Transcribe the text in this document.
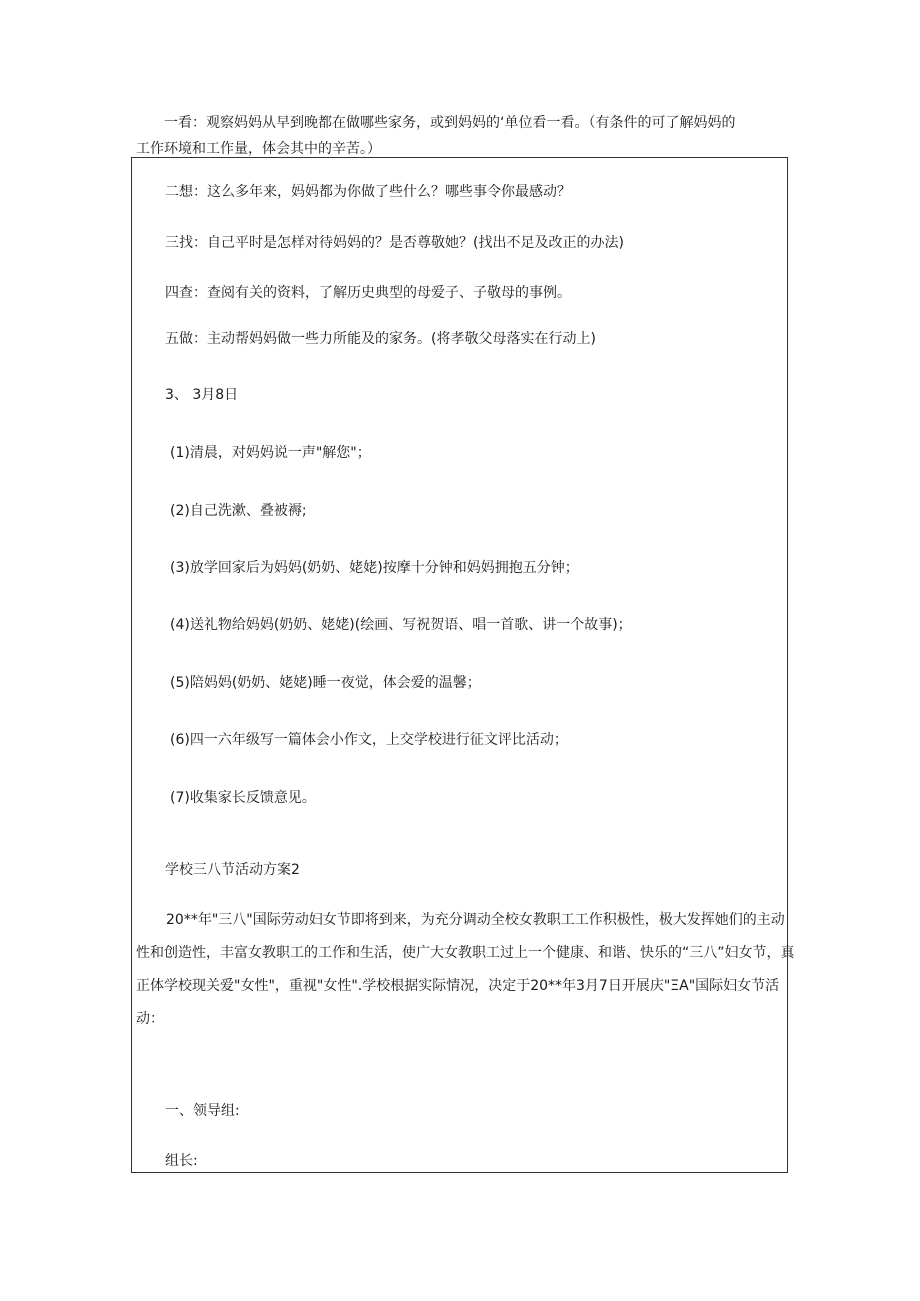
一看：观察妈妈从早到晚都在做哪些家务，或到妈妈的‘单位看一看。（有条件的可了解妈妈的
工作环境和工作量，体会其中的辛苦。）
二想：这么多年来，妈妈都为你做了些什么？哪些事令你最感动？
三找：自己平时是怎样对待妈妈的？是否尊敬她？(找出不足及改正的办法)
四查：查阅有关的资料，了解历史典型的母爱子、子敬母的事例。
五做：主动帮妈妈做一些力所能及的家务。(将孝敬父母落实在行动上)
3、 3月8日
(1)清晨，对妈妈说一声"解您"；
(2)自己洗漱、叠被褥;
(3)放学回家后为妈妈(奶奶、姥姥)按摩十分钟和妈妈拥抱五分钟；
(4)送礼物给妈妈(奶奶、姥姥)(绘画、写祝贺语、唱一首歌、讲一个故事)；
(5)陪妈妈(奶奶、姥姥)睡一夜觉，体会爱的温馨；
(6)四一六年级写一篇体会小作文，上交学校进行征文评比活动；
(7)收集家长反馈意见。
学校三八节活动方案2
20**年"三八"国际劳动妇女节即将到来，为充分调动全校女教职工工作积极性，极大发挥她们的主动性和创造性，丰富女教职工的工作和生活，使广大女教职工过上一个健康、和谐、快乐的“三八”妇女节，真正体学校现关爱"女性"，重视"女性".学校根据实际情况，决定于20**年3月7日开展庆"ΞA"国际妇女节活动：
一、领导组:
组长:
